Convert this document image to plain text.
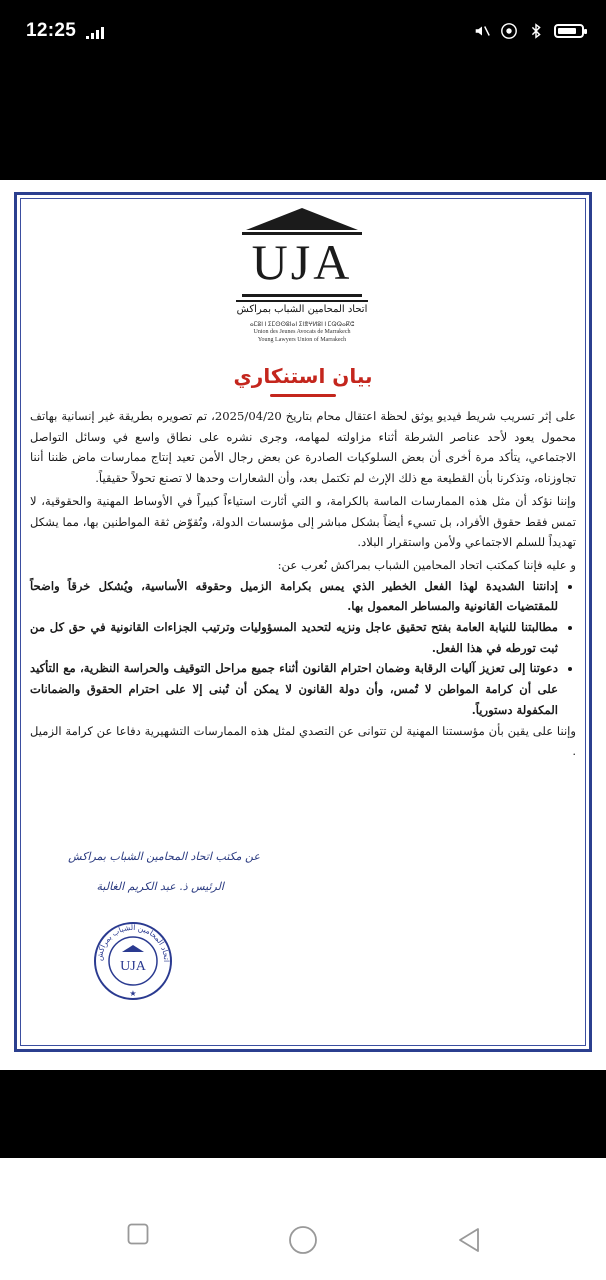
12:25
UJA
اتحاد المحامين الشباب بمراكش
ⴰⵎⵓⵏ ⵏ ⵉⵎⵙⵙⵓⵏⴰⵏ ⵉⵏⴻⵖⵍⵓⵏ ⵏ ⵎⵕⵕⴰⴽⵛ
Union des Jeunes Avocats de Marrakech
Young Lawyers Union of Marrakech
بيان استنكاري

على إثر تسريب شريط فيديو يوثق لحظة اعتقال محام بتاريخ 2025/04/20، تم تصويره بطريقة غير إنسانية بهاتف محمول يعود لأحد عناصر الشرطة أثناء مزاولته لمهامه، وجرى نشره على نطاق واسع في وسائل التواصل الاجتماعي، يتأكد مرة أخرى أن بعض السلوكيات الصادرة عن بعض رجال الأمن تعيد إنتاج ممارسات ماض ظننا أننا تجاوزناه، وتذكرنا بأن القطيعة مع ذلك الإرث لم تكتمل بعد، وأن الشعارات وحدها لا تصنع تحولاً حقيقياً.

وإننا نؤكد أن مثل هذه الممارسات الماسة بالكرامة، و التي أثارت استياءاً كبيراً في الأوساط المهنية والحقوقية، لا تمس فقط حقوق الأفراد، بل تسيء أيضاً بشكل مباشر إلى مؤسسات الدولة، وتُقوّض ثقة المواطنين بها، مما يشكل تهديداً للسلم الاجتماعي ولأمن واستقرار البلاد.

و عليه فإننا كمكتب اتحاد المحامين الشباب بمراكش نُعرب عن:

• إدانتنا الشديدة لهذا الفعل الخطير الذي يمس بكرامة الزميل وحقوقه الأساسية، ويُشكل خرقاً واضحاً للمقتضيات القانونية والمساطر المعمول بها.
• مطالبتنا للنيابة العامة بفتح تحقيق عاجل ونزيه لتحديد المسؤوليات وترتيب الجزاءات القانونية في حق كل من ثبت تورطه في هذا الفعل.
• دعوتنا إلى تعزيز آليات الرقابة وضمان احترام القانون أثناء جميع مراحل التوقيف والحراسة النظرية، مع التأكيد على أن كرامة المواطن لا تُمس، وأن دولة القانون لا يمكن أن تُبنى إلا على احترام الحقوق والضمانات المكفولة دستورياً.

وإننا على يقين بأن مؤسستنا المهنية لن تتوانى عن التصدي لمثل هذه الممارسات التشهيرية دفاعا عن كرامة الزميل .

عن مكتب اتحاد المحامين الشباب بمراكش
الرئيس ذ. عبد الكريم الغالبة
اتحاد المحامين الشباب بمراكش
UJA
★
